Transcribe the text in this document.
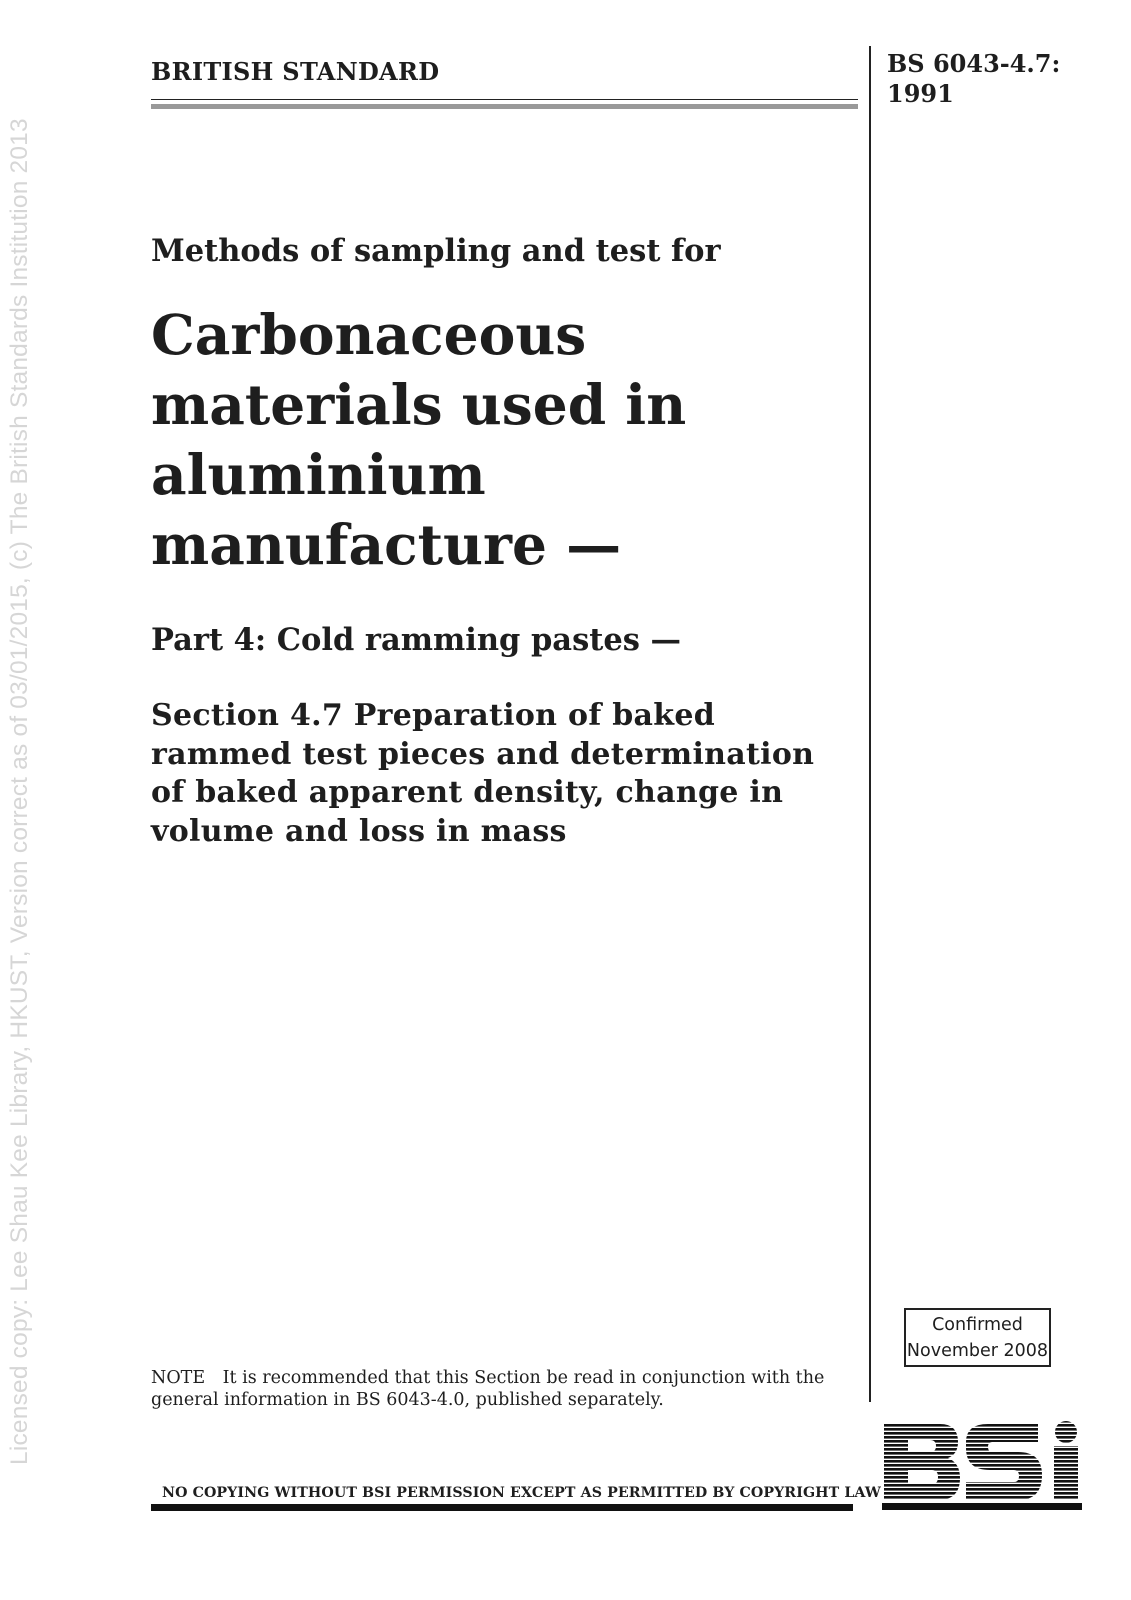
Licensed copy: Lee Shau Kee Library, HKUST, Version correct as of 03/01/2015, (c) The British Standards Institution 2013
BRITISH STANDARD	BS 6043-4.7:
1991
Methods of sampling and test for
Carbonaceous
materials used in
aluminium
manufacture —
Part 4: Cold ramming pastes —
Section 4.7 Preparation of baked
rammed test pieces and determination
of baked apparent density, change in
volume and loss in mass
Confirmed
November 2008
NOTE It is recommended that this Section be read in conjunction with the
general information in BS 6043-4.0, published separately.
NO COPYING WITHOUT BSI PERMISSION EXCEPT AS PERMITTED BY COPYRIGHT LAW
